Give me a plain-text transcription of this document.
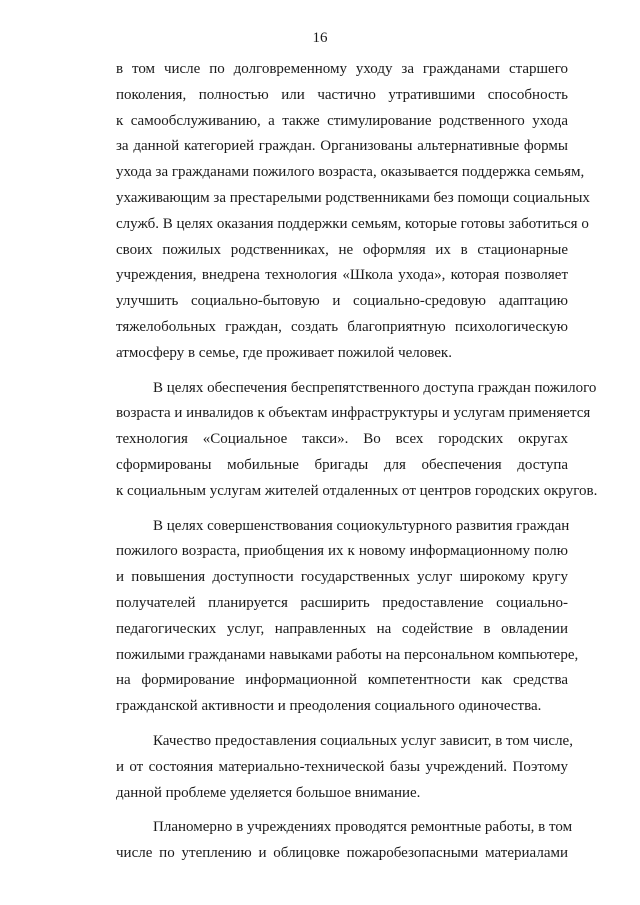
16

в том числе по долговременному уходу за гражданами старшего
поколения, полностью или частично утратившими способность
к самообслуживанию, а также стимулирование родственного ухода
за данной категорией граждан. Организованы альтернативные формы
ухода за гражданами пожилого возраста, оказывается поддержка семьям,
ухаживающим за престарелыми родственниками без помощи социальных
служб. В целях оказания поддержки семьям, которые готовы заботиться о
своих пожилых родственниках, не оформляя их в стационарные
учреждения, внедрена технология «Школа ухода», которая позволяет
улучшить социально-бытовую и социально-средовую адаптацию
тяжелобольных граждан, создать благоприятную психологическую
атмосферу в семье, где проживает пожилой человек.

В целях обеспечения беспрепятственного доступа граждан пожилого
возраста и инвалидов к объектам инфраструктуры и услугам применяется
технология «Социальное такси». Во всех городских округах
сформированы мобильные бригады для обеспечения доступа
к социальным услугам жителей отдаленных от центров городских округов.

В целях совершенствования социокультурного развития граждан
пожилого возраста, приобщения их к новому информационному полю
и повышения доступности государственных услуг широкому кругу
получателей планируется расширить предоставление социально-
педагогических услуг, направленных на содействие в овладении
пожилыми гражданами навыками работы на персональном компьютере,
на формирование информационной компетентности как средства
гражданской активности и преодоления социального одиночества.

Качество предоставления социальных услуг зависит, в том числе,
и от состояния материально-технической базы учреждений. Поэтому
данной проблеме уделяется большое внимание.

Планомерно в учреждениях проводятся ремонтные работы, в том
числе по утеплению и облицовке пожаробезопасными материалами
